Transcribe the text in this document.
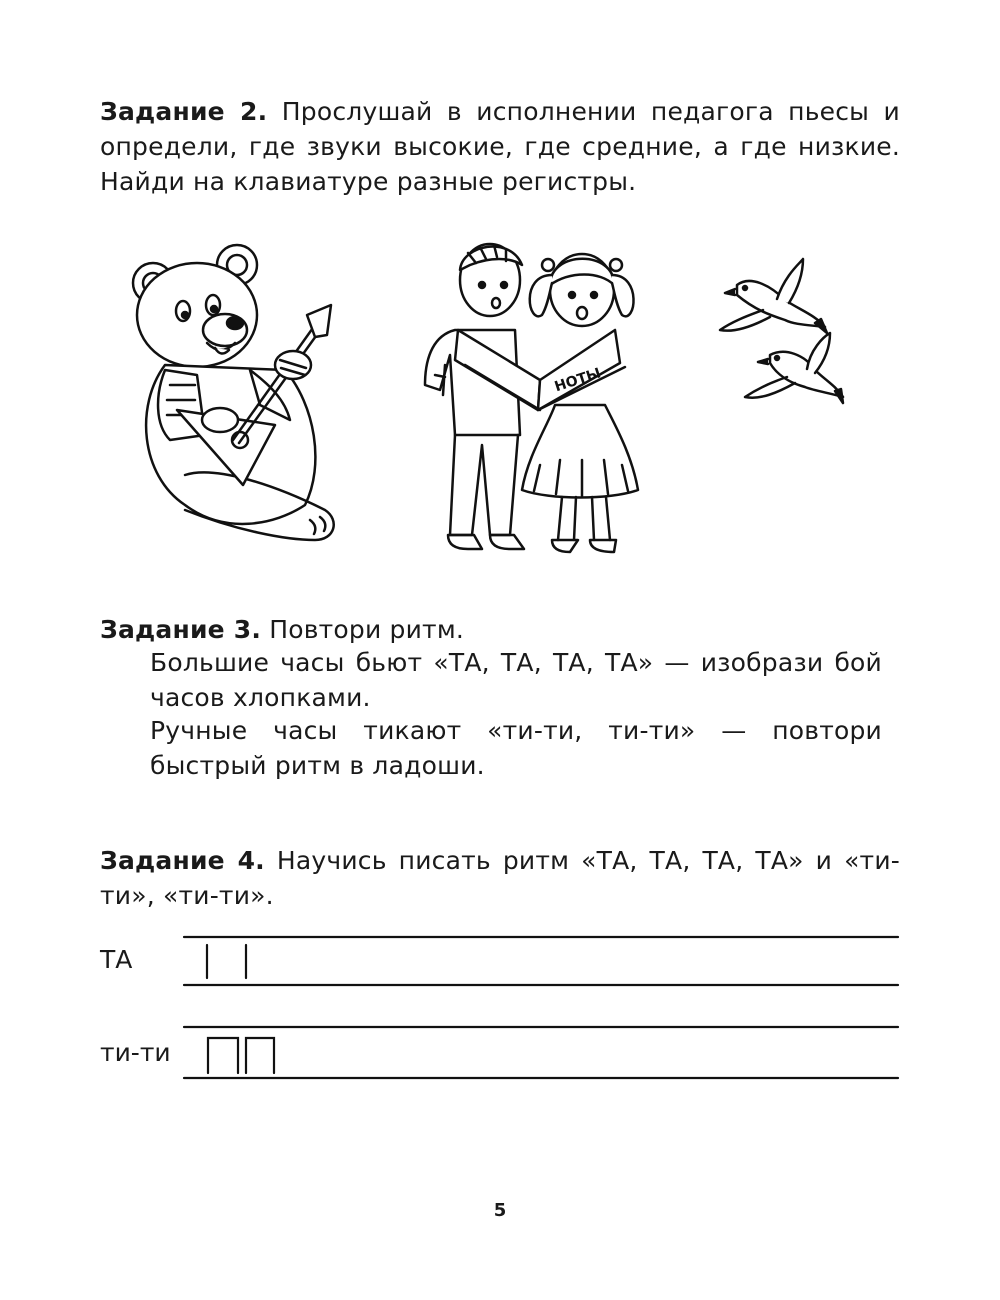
Задание 2. Прослушай в исполнении педагога пьесы и определи, где звуки высокие, где средние, а где низкие. Найди на клавиатуре разные регистры.
НОТЫ
Задание 3. Повтори ритм.
Большие часы бьют «ТА, ТА, ТА, ТА» — изобрази бой часов хлопками.
Ручные часы тикают «ти-ти, ти-ти» — повтори быстрый ритм в ладоши.
Задание 4. Научись писать ритм «ТА, ТА, ТА, ТА» и «ти-ти», «ти-ти».
ТА
ти-ти
5
